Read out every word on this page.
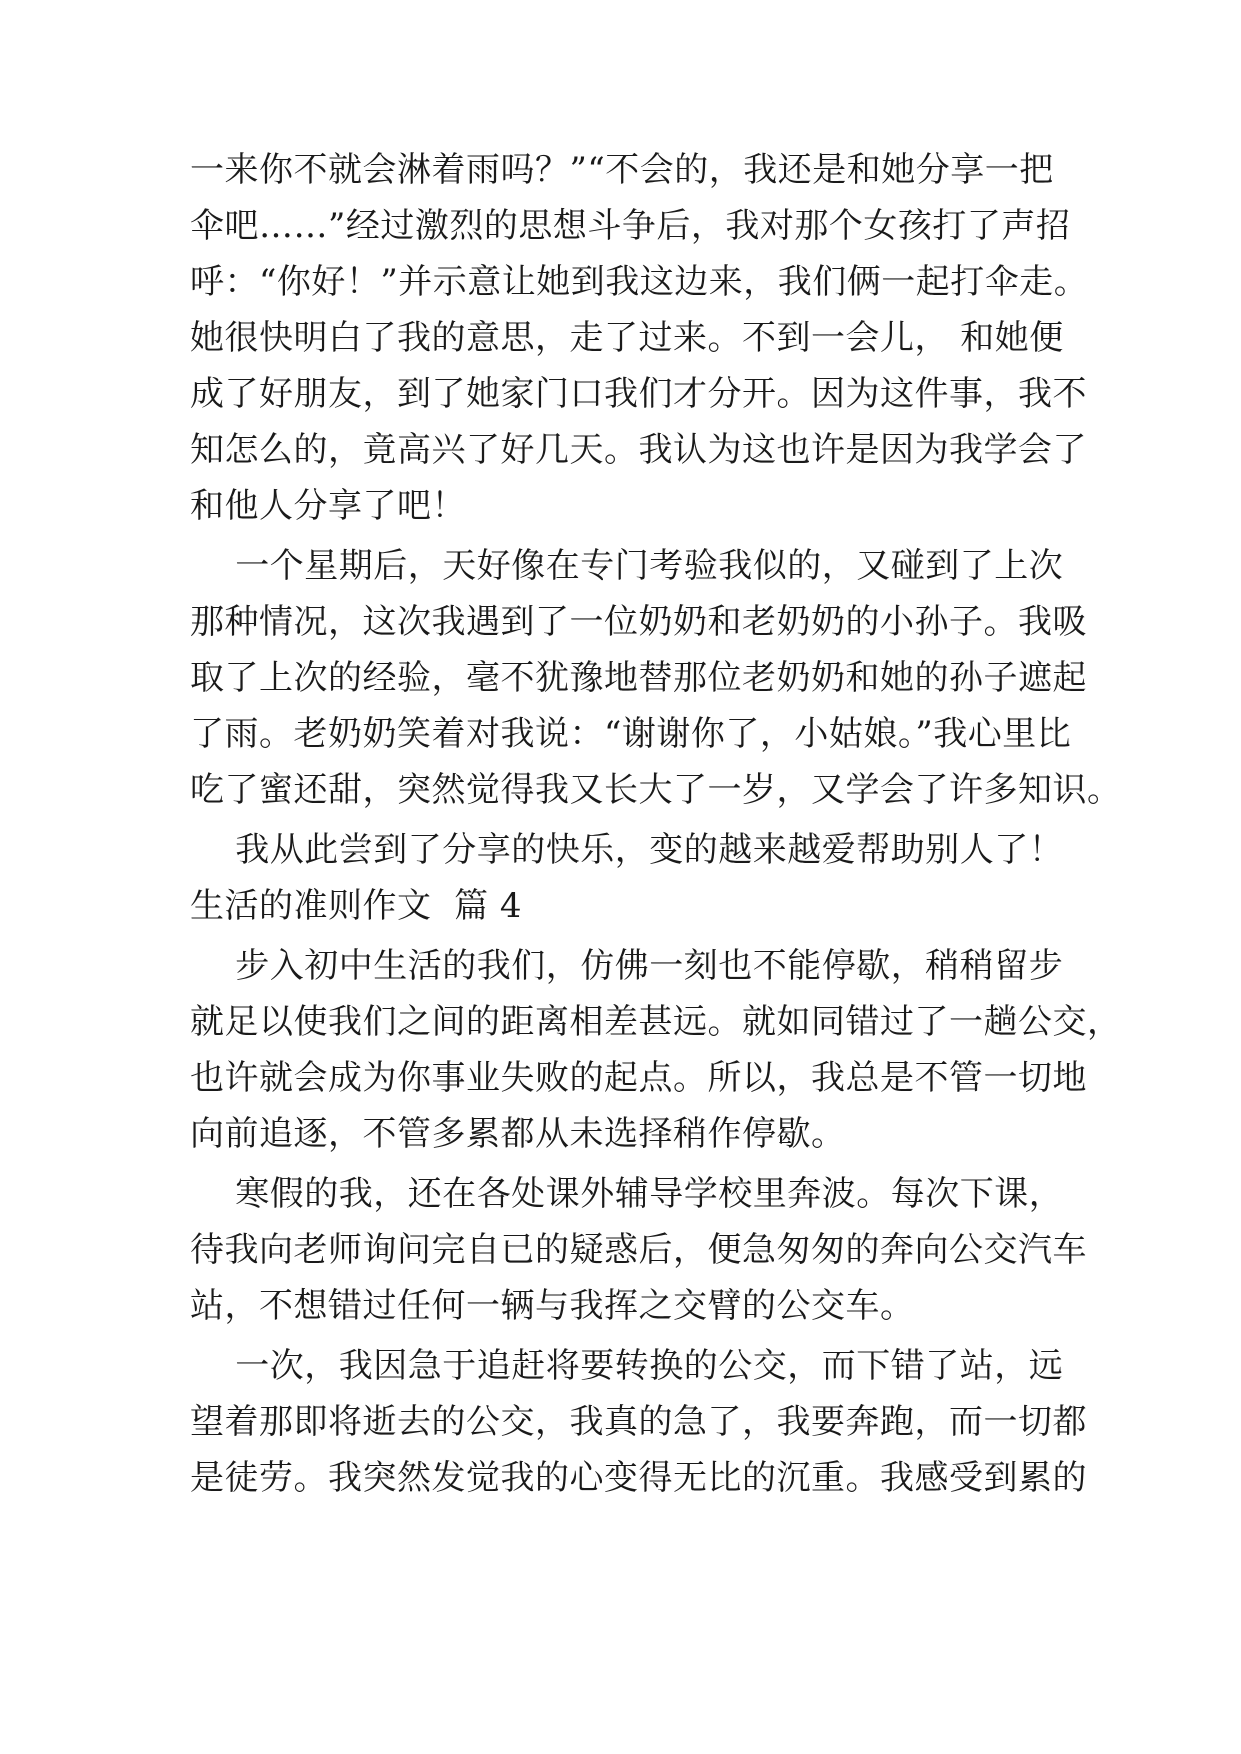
一来你不就会淋着雨吗？”“不会的，我还是和她分享一把
伞吧……”经过激烈的思想斗争后，我对那个女孩打了声招
呼：“你好！”并示意让她到我这边来，我们俩一起打伞走。
她很快明白了我的意思，走了过来。不到一会儿， 和她便
成了好朋友，到了她家门口我们才分开。因为这件事，我不
知怎么的，竟高兴了好几天。我认为这也许是因为我学会了
和他人分享了吧！
一个星期后，天好像在专门考验我似的，又碰到了上次
那种情况，这次我遇到了一位奶奶和老奶奶的小孙子。我吸
取了上次的经验，毫不犹豫地替那位老奶奶和她的孙子遮起
了雨。老奶奶笑着对我说：“谢谢你了，小姑娘。”我心里比
吃了蜜还甜，突然觉得我又长大了一岁，又学会了许多知识。
我从此尝到了分享的快乐，变的越来越爱帮助别人了！
生活的准则作文  篇 4
步入初中生活的我们，仿佛一刻也不能停歇，稍稍留步
就足以使我们之间的距离相差甚远。就如同错过了一趟公交，
也许就会成为你事业失败的起点。所以，我总是不管一切地
向前追逐，不管多累都从未选择稍作停歇。
寒假的我，还在各处课外辅导学校里奔波。每次下课，
待我向老师询问完自已的疑惑后，便急匆匆的奔向公交汽车
站，不想错过任何一辆与我挥之交臂的公交车。
一次，我因急于追赶将要转换的公交，而下错了站，远
望着那即将逝去的公交，我真的急了，我要奔跑，而一切都
是徒劳。我突然发觉我的心变得无比的沉重。我感受到累的
